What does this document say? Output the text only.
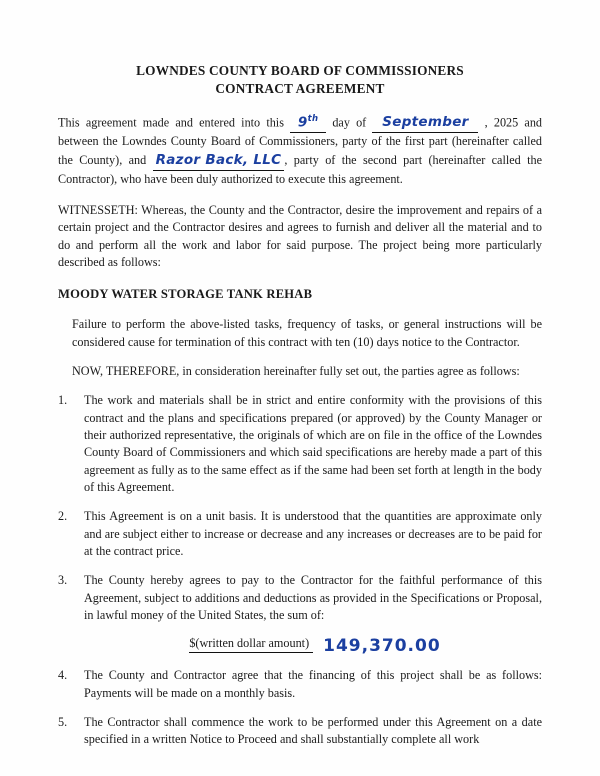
LOWNDES COUNTY BOARD OF COMMISSIONERS
CONTRACT AGREEMENT

This agreement made and entered into this 9th day of September , 2025 and between the Lowndes County Board of Commissioners, party of the first part (hereinafter called the County), and Razor Back, LLC , party of the second part (hereinafter called the Contractor), who have been duly authorized to execute this agreement.

WITNESSETH: Whereas, the County and the Contractor, desire the improvement and repairs of a certain project and the Contractor desires and agrees to furnish and deliver all the material and to do and perform all the work and labor for said purpose. The project being more particularly described as follows:

MOODY WATER STORAGE TANK REHAB

Failure to perform the above-listed tasks, frequency of tasks, or general instructions will be considered cause for termination of this contract with ten (10) days notice to the Contractor.

NOW, THEREFORE, in consideration hereinafter fully set out, the parties agree as follows:

1.	The work and materials shall be in strict and entire conformity with the provisions of this contract and the plans and specifications prepared (or approved) by the County Manager or their authorized representative, the originals of which are on file in the office of the Lowndes County Board of Commissioners and which said specifications are hereby made a part of this agreement as fully as to the same effect as if the same had been set forth at length in the body of this Agreement.
2.	This Agreement is on a unit basis. It is understood that the quantities are approximate only and are subject either to increase or decrease and any increases or decreases are to be paid for at the contract price.
3.	The County hereby agrees to pay to the Contractor for the faithful performance of this Agreement, subject to additions and deductions as provided in the Specifications or Proposal, in lawful money of the United States, the sum of:
$(written dollar amount) 149,370.00
4.	The County and Contractor agree that the financing of this project shall be as follows: Payments will be made on a monthly basis.
5.	The Contractor shall commence the work to be performed under this Agreement on a date specified in a written Notice to Proceed and shall substantially complete all work
